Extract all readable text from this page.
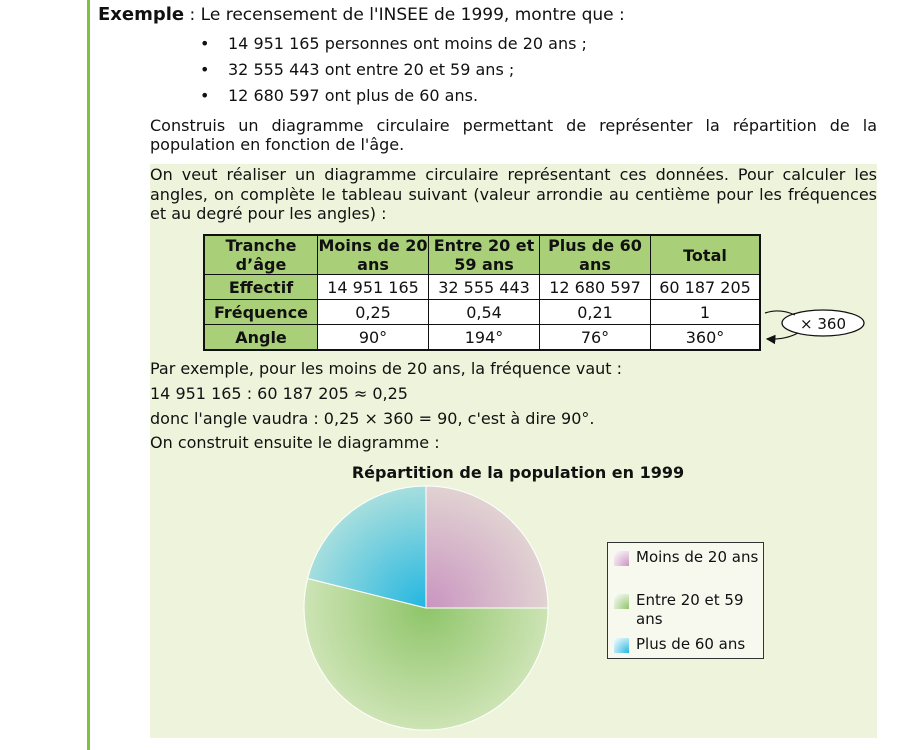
Exemple : Le recensement de l'INSEE de 1999, montre que :
• 14 951 165 personnes ont moins de 20 ans ;
• 32 555 443 ont entre 20 et 59 ans ;
• 12 680 597 ont plus de 60 ans.
Construis un diagramme circulaire permettant de représenter la répartition de la population en fonction de l'âge.
On veut réaliser un diagramme circulaire représentant ces données. Pour calculer les angles, on complète le tableau suivant (valeur arrondie au centième pour les fréquences et au degré pour les angles) :
Tranche d’âge	Moins de 20 ans	Entre 20 et 59 ans	Plus de 60 ans	Total
Effectif	14 951 165	32 555 443	12 680 597	60 187 205
Fréquence	0,25	0,54	0,21	1
Angle	90°	194°	76°	360°
× 360
Par exemple, pour les moins de 20 ans, la fréquence vaut :
14 951 165 : 60 187 205 ≈ 0,25
donc l'angle vaudra : 0,25 × 360 = 90, c'est à dire 90°.
On construit ensuite le diagramme :
Répartition de la population en 1999
Moins de 20 ans
Entre 20 et 59 ans
Plus de 60 ans
